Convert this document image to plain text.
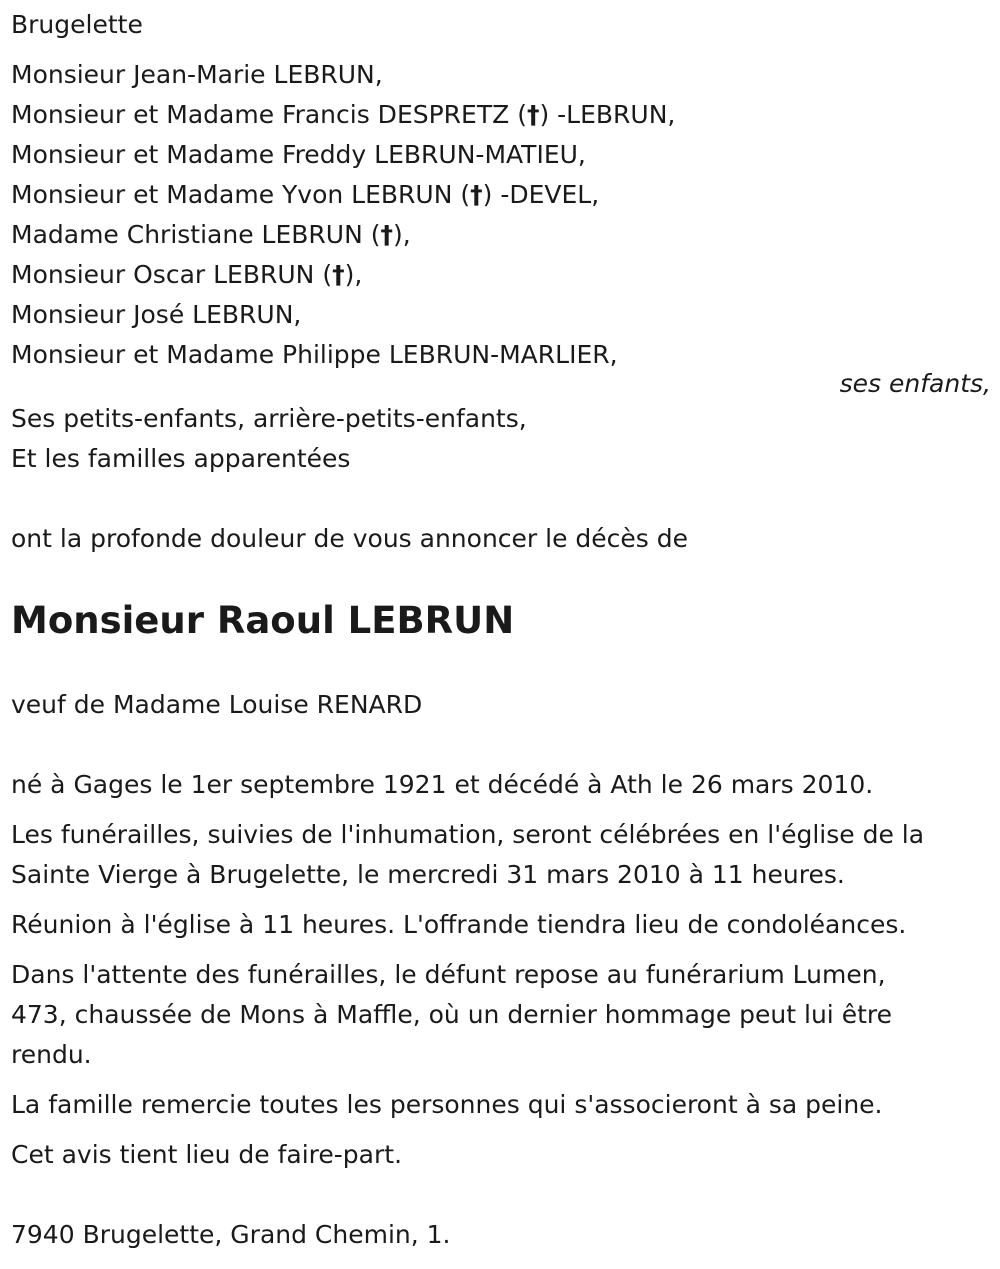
Brugelette
Monsieur Jean-Marie LEBRUN,
Monsieur et Madame Francis DESPRETZ (†) -LEBRUN,
Monsieur et Madame Freddy LEBRUN-MATIEU,
Monsieur et Madame Yvon LEBRUN (†) -DEVEL,
Madame Christiane LEBRUN (†),
Monsieur Oscar LEBRUN (†),
Monsieur José LEBRUN,
Monsieur et Madame Philippe LEBRUN-MARLIER,
ses enfants,
Ses petits-enfants, arrière-petits-enfants,
Et les familles apparentées
ont la profonde douleur de vous annoncer le décès de
Monsieur Raoul LEBRUN
veuf de Madame Louise RENARD
né à Gages le 1er septembre 1921 et décédé à Ath le 26 mars 2010.
Les funérailles, suivies de l'inhumation, seront célébrées en l'église de la
Sainte Vierge à Brugelette, le mercredi 31 mars 2010 à 11 heures.
Réunion à l'église à 11 heures. L'offrande tiendra lieu de condoléances.
Dans l'attente des funérailles, le défunt repose au funérarium Lumen,
473, chaussée de Mons à Maffle, où un dernier hommage peut lui être
rendu.
La famille remercie toutes les personnes qui s'associeront à sa peine.
Cet avis tient lieu de faire-part.
7940 Brugelette, Grand Chemin, 1.
